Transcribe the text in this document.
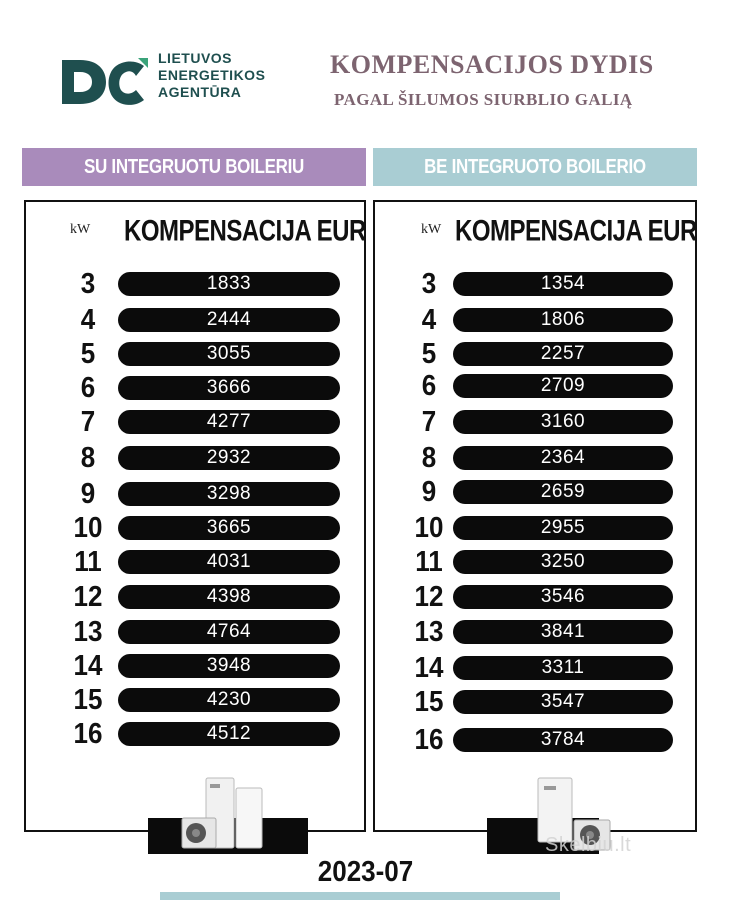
LIETUVOS
ENERGETIKOS
AGENTŪRA
KOMPENSACIJOS DYDIS
PAGAL ŠILUMOS SIURBLIO GALIĄ
SU INTEGRUOTU BOILERIU	BE INTEGRUOTO BOILERIO
kW KOMPENSACIJA EUR
3	1833
4	2444
5	3055
6	3666
7	4277
8	2932
9	3298
10	3665
11	4031
12	4398
13	4764
14	3948
15	4230
16	4512
kW KOMPENSACIJA EUR
3	1354
4	1806
5	2257
6	2709
7	3160
8	2364
9	2659
10	2955
11	3250
12	3546
13	3841
14	3311
15	3547
16	3784
Skelbiu.lt
2023-07
